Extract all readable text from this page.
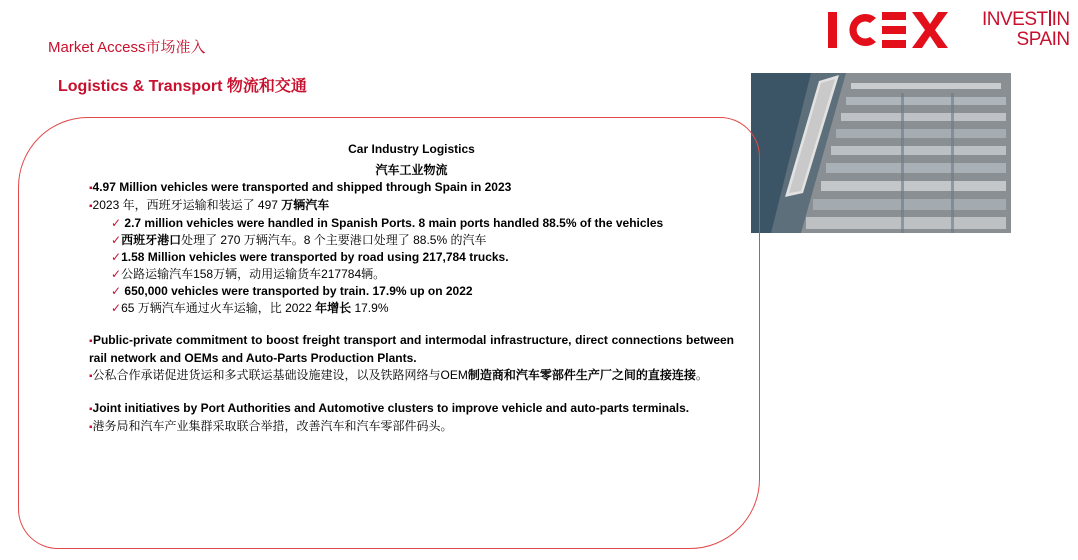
Market Access市场准入
Logistics & Transport 物流和交通
INVEST IN
SPAIN

Car Industry Logistics

汽车工业物流

▪4.97 Million vehicles were transported and shipped through Spain in 2023

▪2023 年，西班牙运输和装运了 497 万辆汽车

✓ 2.7 million vehicles were handled in Spanish Ports. 8 main ports handled 88.5% of the vehicles

✓西班牙港口处理了 270 万辆汽车。8 个主要港口处理了 88.5% 的汽车

✓1.58 Million vehicles were transported by road using 217,784 trucks.

✓公路运输汽车158万辆，动用运输货车217784辆。

✓ 650,000 vehicles were transported by train. 17.9% up on 2022

✓65 万辆汽车通过火车运输，比 2022 年增长 17.9%

▪Public-private commitment to boost freight transport and intermodal infrastructure, direct connections between rail network and OEMs and Auto-Parts Production Plants.

▪公私合作承诺促进货运和多式联运基础设施建设，以及铁路网络与OEM制造商和汽车零部件生产厂之间的直接连接。

▪Joint initiatives by Port Authorities and Automotive clusters to improve vehicle and auto-parts terminals.

▪港务局和汽车产业集群采取联合举措，改善汽车和汽车零部件码头。
